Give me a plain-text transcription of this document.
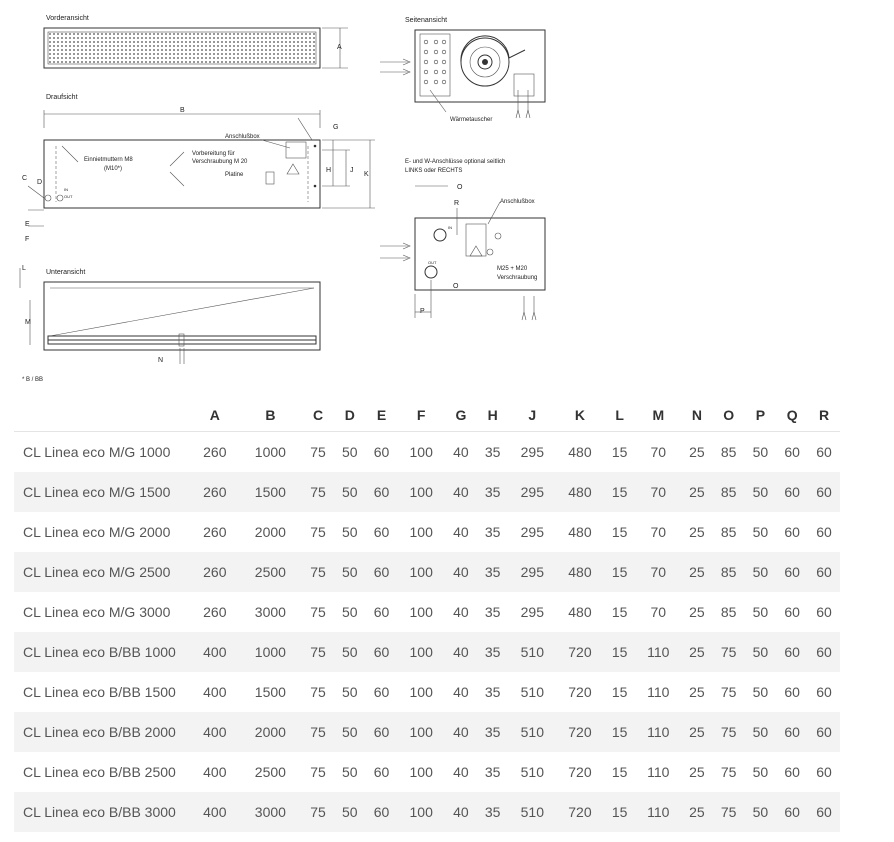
Vorderansicht
A
Seitenansicht
Wärmetauscher
Draufsicht
B
Einnietmuttern M8
(M10*)
Anschlußbox
Vorbereitung für
Verschraubung M 20
Platine
G
H	J
K
IN
OUT
C
D
E
F
L
Unteransicht
N
M
* B / BB
E- und W-Anschlüsse optional seitlich
LINKS oder RECHTS
O
IN
OUT
R	Anschlußbox
M25 + M20
Verschraubung
O
P
	A	B	C	D	E	F	G	H	J	K	L	M	N	O	P	Q	R
CL Linea eco M/G 1000	260	1000	75	50	60	100	40	35	295	480	15	70	25	85	50	60	60
CL Linea eco M/G 1500	260	1500	75	50	60	100	40	35	295	480	15	70	25	85	50	60	60
CL Linea eco M/G 2000	260	2000	75	50	60	100	40	35	295	480	15	70	25	85	50	60	60
CL Linea eco M/G 2500	260	2500	75	50	60	100	40	35	295	480	15	70	25	85	50	60	60
CL Linea eco M/G 3000	260	3000	75	50	60	100	40	35	295	480	15	70	25	85	50	60	60
CL Linea eco B/BB 1000	400	1000	75	50	60	100	40	35	510	720	15	110	25	75	50	60	60
CL Linea eco B/BB 1500	400	1500	75	50	60	100	40	35	510	720	15	110	25	75	50	60	60
CL Linea eco B/BB 2000	400	2000	75	50	60	100	40	35	510	720	15	110	25	75	50	60	60
CL Linea eco B/BB 2500	400	2500	75	50	60	100	40	35	510	720	15	110	25	75	50	60	60
CL Linea eco B/BB 3000	400	3000	75	50	60	100	40	35	510	720	15	110	25	75	50	60	60
